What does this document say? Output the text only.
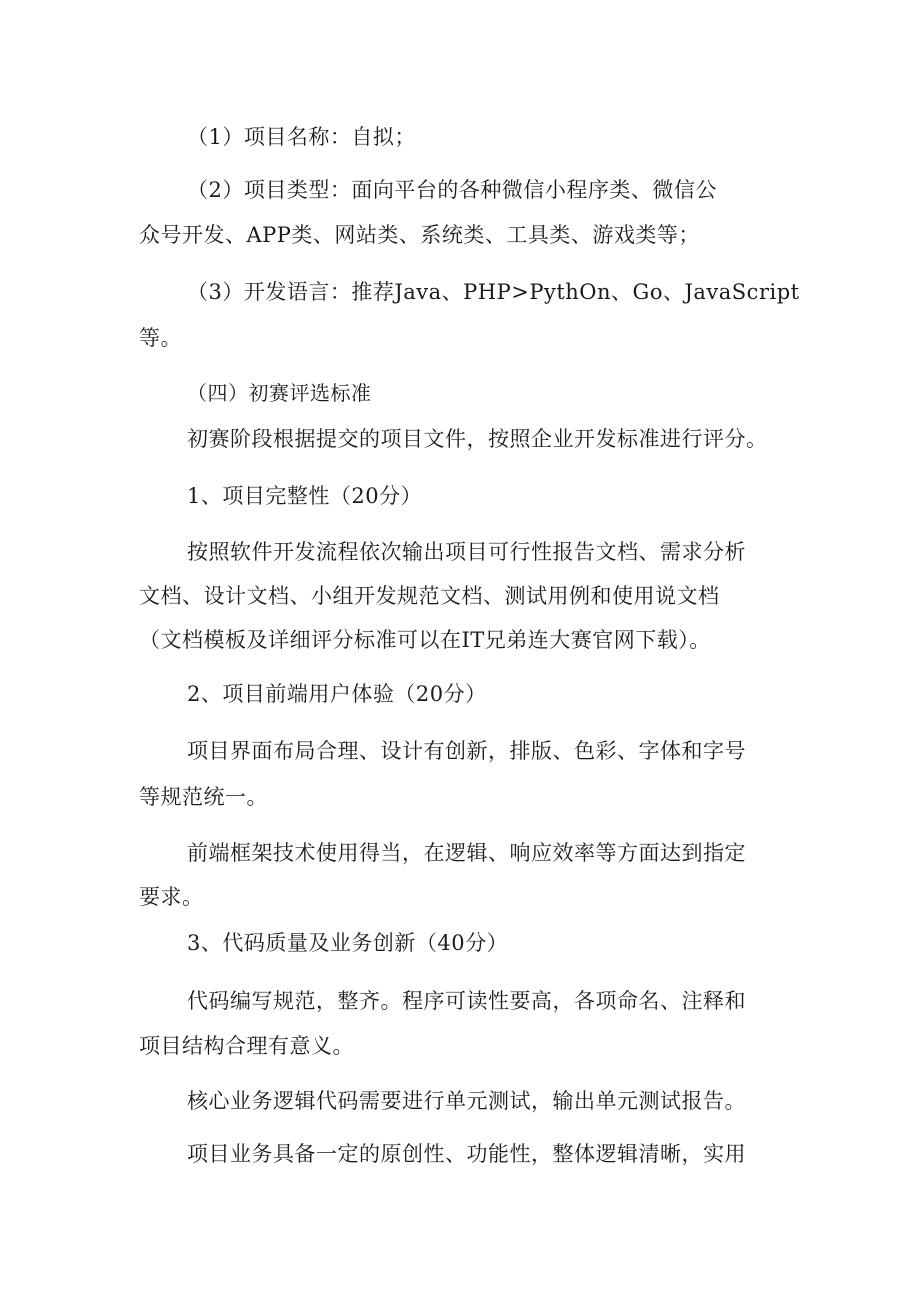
（1）项目名称：自拟；
（2）项目类型：面向平台的各种微信小程序类、微信公
众号开发、APP类、网站类、系统类、工具类、游戏类等；
（3）开发语言：推荐Java、PHP>PythOn、Go、JavaScript
等。
（四）初赛评选标准
初赛阶段根据提交的项目文件，按照企业开发标准进行评分。
1、项目完整性（20分）
按照软件开发流程依次输出项目可行性报告文档、需求分析
文档、设计文档、小组开发规范文档、测试用例和使用说文档
（文档模板及详细评分标准可以在IT兄弟连大赛官网下载）。
2、项目前端用户体验（20分）
项目界面布局合理、设计有创新，排版、色彩、字体和字号
等规范统一。
前端框架技术使用得当，在逻辑、响应效率等方面达到指定
要求。
3、代码质量及业务创新（40分）
代码编写规范，整齐。程序可读性要高，各项命名、注释和
项目结构合理有意义。
核心业务逻辑代码需要进行单元测试，输出单元测试报告。
项目业务具备一定的原创性、功能性，整体逻辑清晰，实用
